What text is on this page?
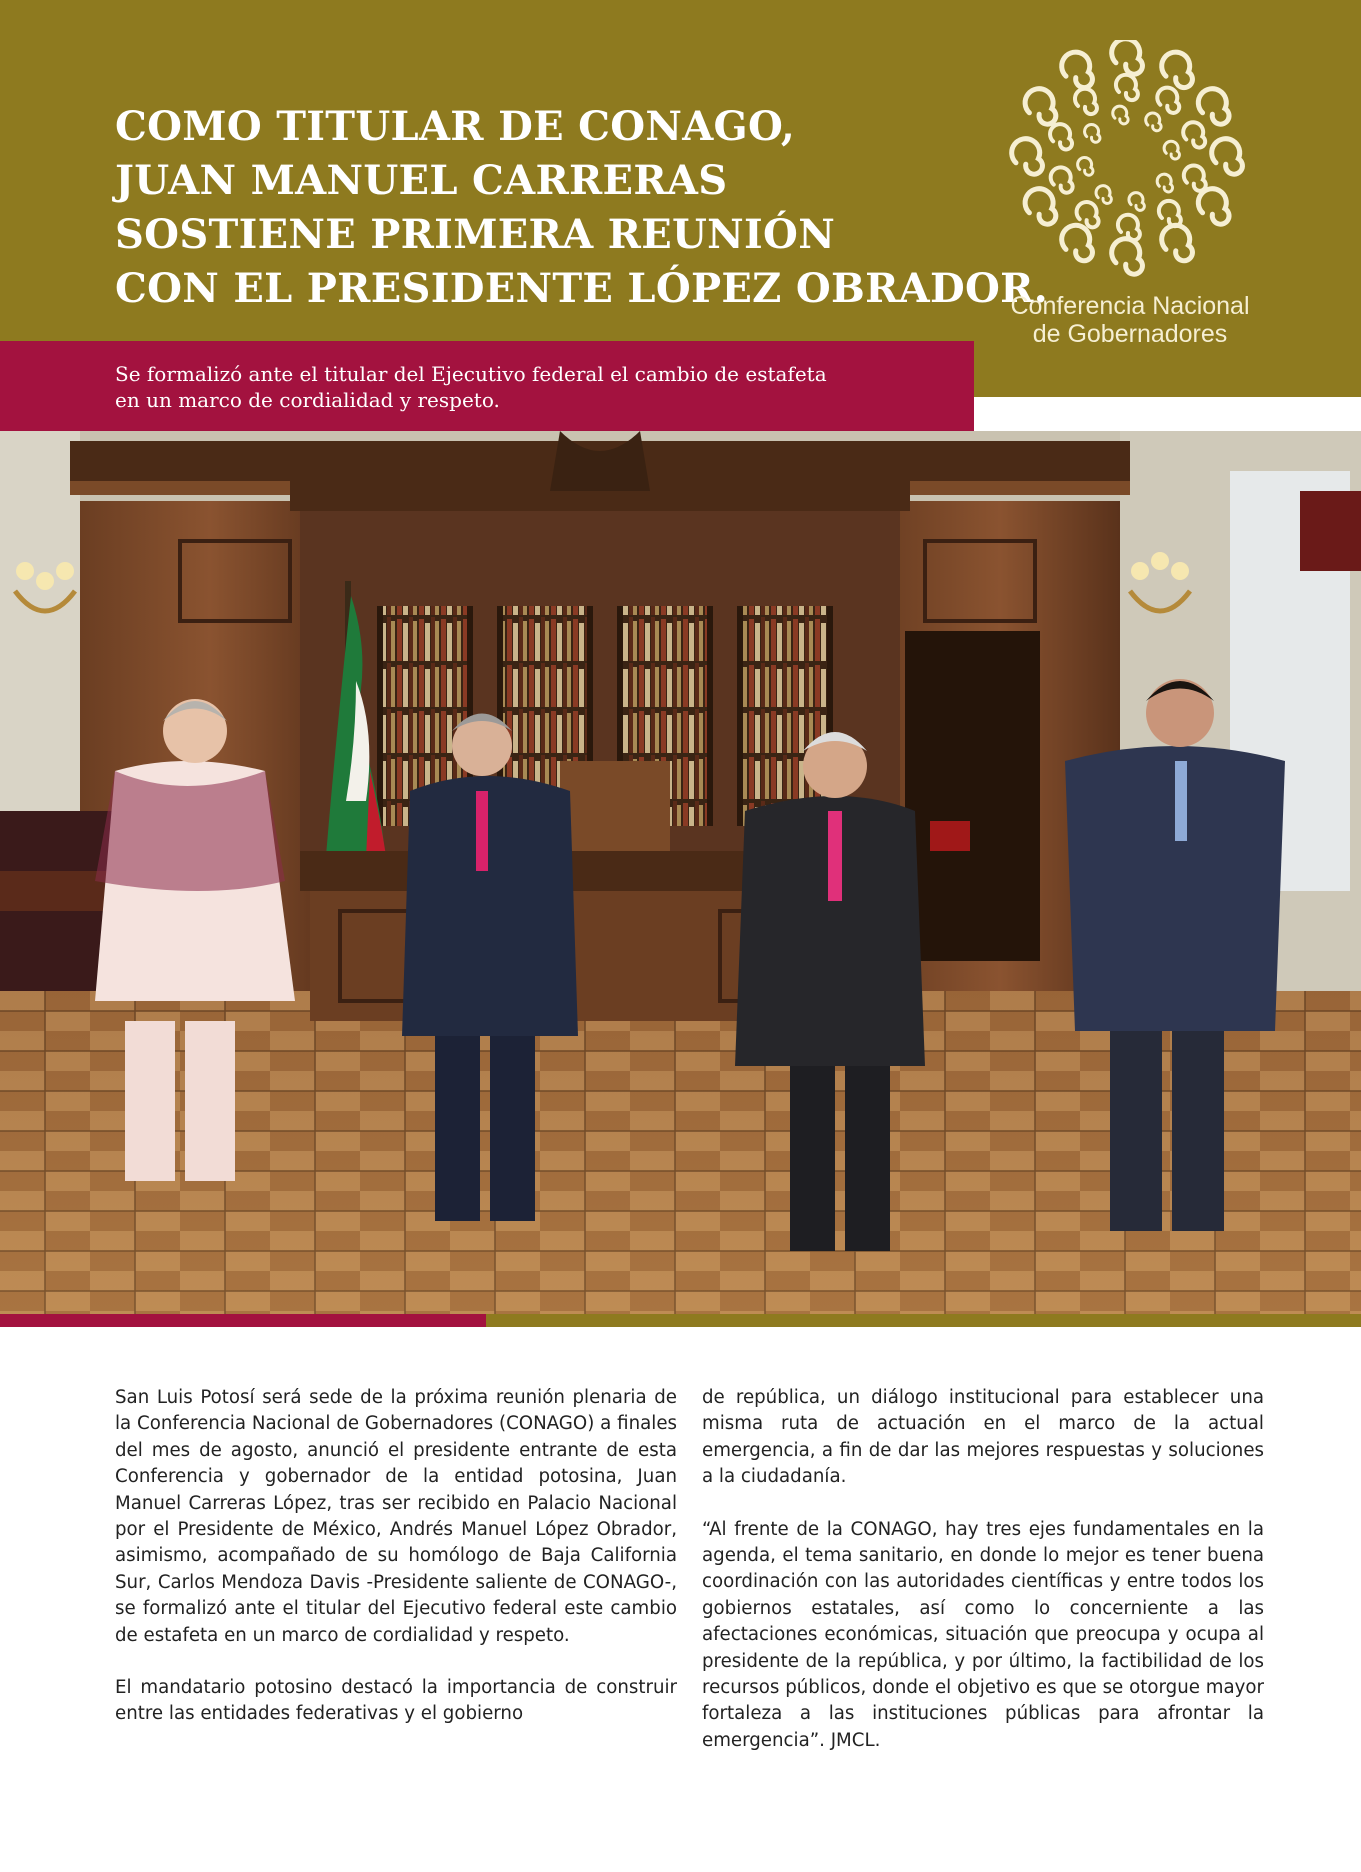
COMO TITULAR DE CONAGO,
JUAN MANUEL CARRERAS
SOSTIENE PRIMERA REUNIÓN
CON EL PRESIDENTE LÓPEZ OBRADOR.
Conferencia Nacional
de Gobernadores
Se formalizó ante el titular del Ejecutivo federal el cambio de estafeta
en un marco de cordialidad y respeto.

San Luis Potosí será sede de la próxima reunión plenaria de la Conferencia Nacional de Gobernadores (CONAGO) a finales del mes de agosto, anunció el presidente entrante de esta Conferencia y gobernador de la entidad potosina, Juan Manuel Carreras López, tras ser recibido en Palacio Nacional por el Presidente de México, Andrés Manuel López Obrador, asimismo, acompañado de su homólogo de Baja California Sur, Carlos Mendoza Davis -Presidente saliente de CONAGO-, se formalizó ante el titular del Ejecutivo federal este cambio de estafeta en un marco de cordialidad y respeto.

El mandatario potosino destacó la importancia de construir entre las entidades federativas y el gobierno

de república, un diálogo institucional para establecer una misma ruta de actuación en el marco de la actual emergencia, a fin de dar las mejores respuestas y soluciones a la ciudadanía.

“Al frente de la CONAGO, hay tres ejes fundamentales en la agenda, el tema sanitario, en donde lo mejor es tener buena coordinación con las autoridades científicas y entre todos los gobiernos estatales, así como lo concerniente a las afectaciones económicas, situación que preocupa y ocupa al presidente de la república, y por último, la factibilidad de los recursos públicos, donde el objetivo es que se otorgue mayor fortaleza a las instituciones públicas para afrontar la emergencia”. JMCL.
